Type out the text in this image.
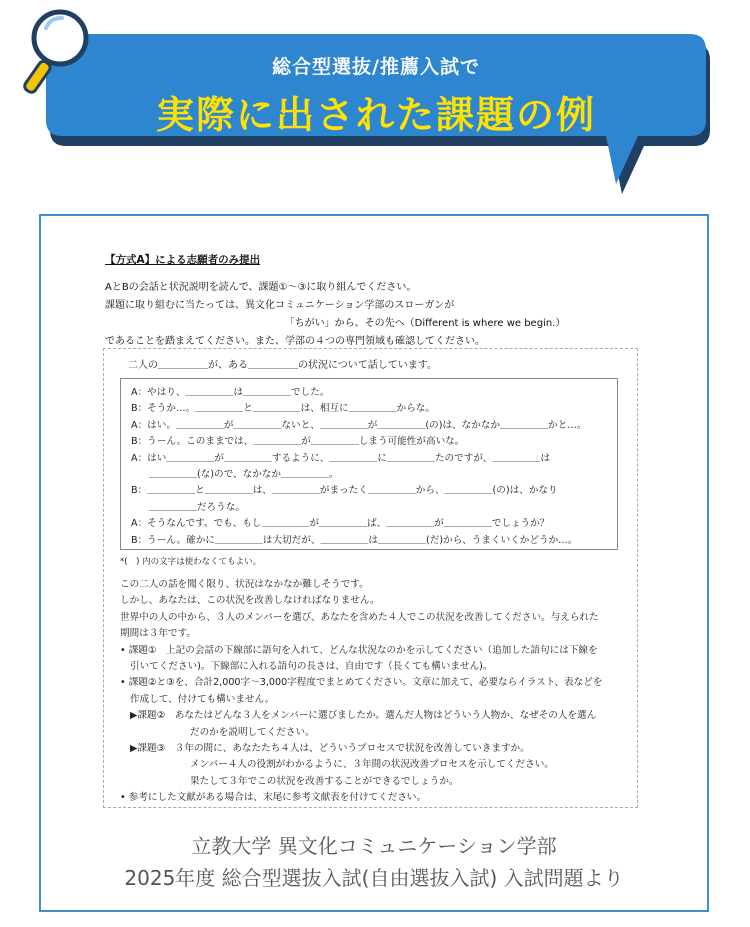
総合型選抜/推薦入試で
実際に出された課題の例
【方式A】による志願者のみ提出

AとBの会話と状況説明を読んで、課題①～③に取り組んでください。

課題に取り組むに当たっては、異文化コミュニケーション学部のスローガンが

「ちがい」から、その先へ（Different is where we begin.）

であることを踏まえてください。また、学部の４つの専門領域も確認してください。

二人の＿＿＿＿＿が、ある＿＿＿＿＿の状況について話しています。
A：やはり、＿＿＿＿＿は＿＿＿＿＿でした。
B：そうか…。＿＿＿＿＿と＿＿＿＿＿は、相互に＿＿＿＿＿からな。
A：はい。＿＿＿＿＿が＿＿＿＿＿ないと、＿＿＿＿＿が＿＿＿＿＿(の)は、なかなか＿＿＿＿＿かと…。
B：うーん。このままでは、＿＿＿＿＿が＿＿＿＿＿しまう可能性が高いな。
A：はい＿＿＿＿＿が＿＿＿＿＿するように、＿＿＿＿＿に＿＿＿＿＿たのですが、＿＿＿＿＿は
＿＿＿＿＿(な)ので、なかなか＿＿＿＿＿。
B：＿＿＿＿＿と＿＿＿＿＿は、＿＿＿＿＿がまったく＿＿＿＿＿から、＿＿＿＿＿(の)は、かなり
＿＿＿＿＿だろうな。
A：そうなんです。でも、もし＿＿＿＿＿が＿＿＿＿＿ば、＿＿＿＿＿が＿＿＿＿＿でしょうか？
B：うーん。確かに＿＿＿＿＿は大切だが、＿＿＿＿＿は＿＿＿＿＿(だ)から、うまくいくかどうか…。
*(　) 内の文字は使わなくてもよい。
この二人の話を聞く限り、状況はなかなか難しそうです。
しかし、あなたは、この状況を改善しなければなりません。
世界中の人の中から、３人のメンバーを選び、あなたを含めた４人でこの状況を改善してください。与えられた
期間は３年です。
• 課題①　上記の会話の下線部に語句を入れて、どんな状況なのかを示してください（追加した語句には下線を
引いてください)。下線部に入れる語句の長さは、自由です（長くても構いません)。
• 課題②と③を、合計2,000字～3,000字程度でまとめてください。文章に加えて、必要ならイラスト、表などを
作成して、付けても構いません。
▶課題②　あなたはどんな３人をメンバーに選びましたか。選んだ人物はどういう人物か、なぜその人を選ん
だのかを説明してください。
▶課題③　３年の間に、あなたたち４人は、どういうプロセスで状況を改善していきますか。
メンバー４人の役割がわかるように、３年間の状況改善プロセスを示してください。
果たして３年でこの状況を改善することができるでしょうか。
• 参考にした文献がある場合は、末尾に参考文献表を付けてください。
立教大学 異文化コミュニケーション学部
2025年度 総合型選抜入試(自由選抜入試) 入試問題より
